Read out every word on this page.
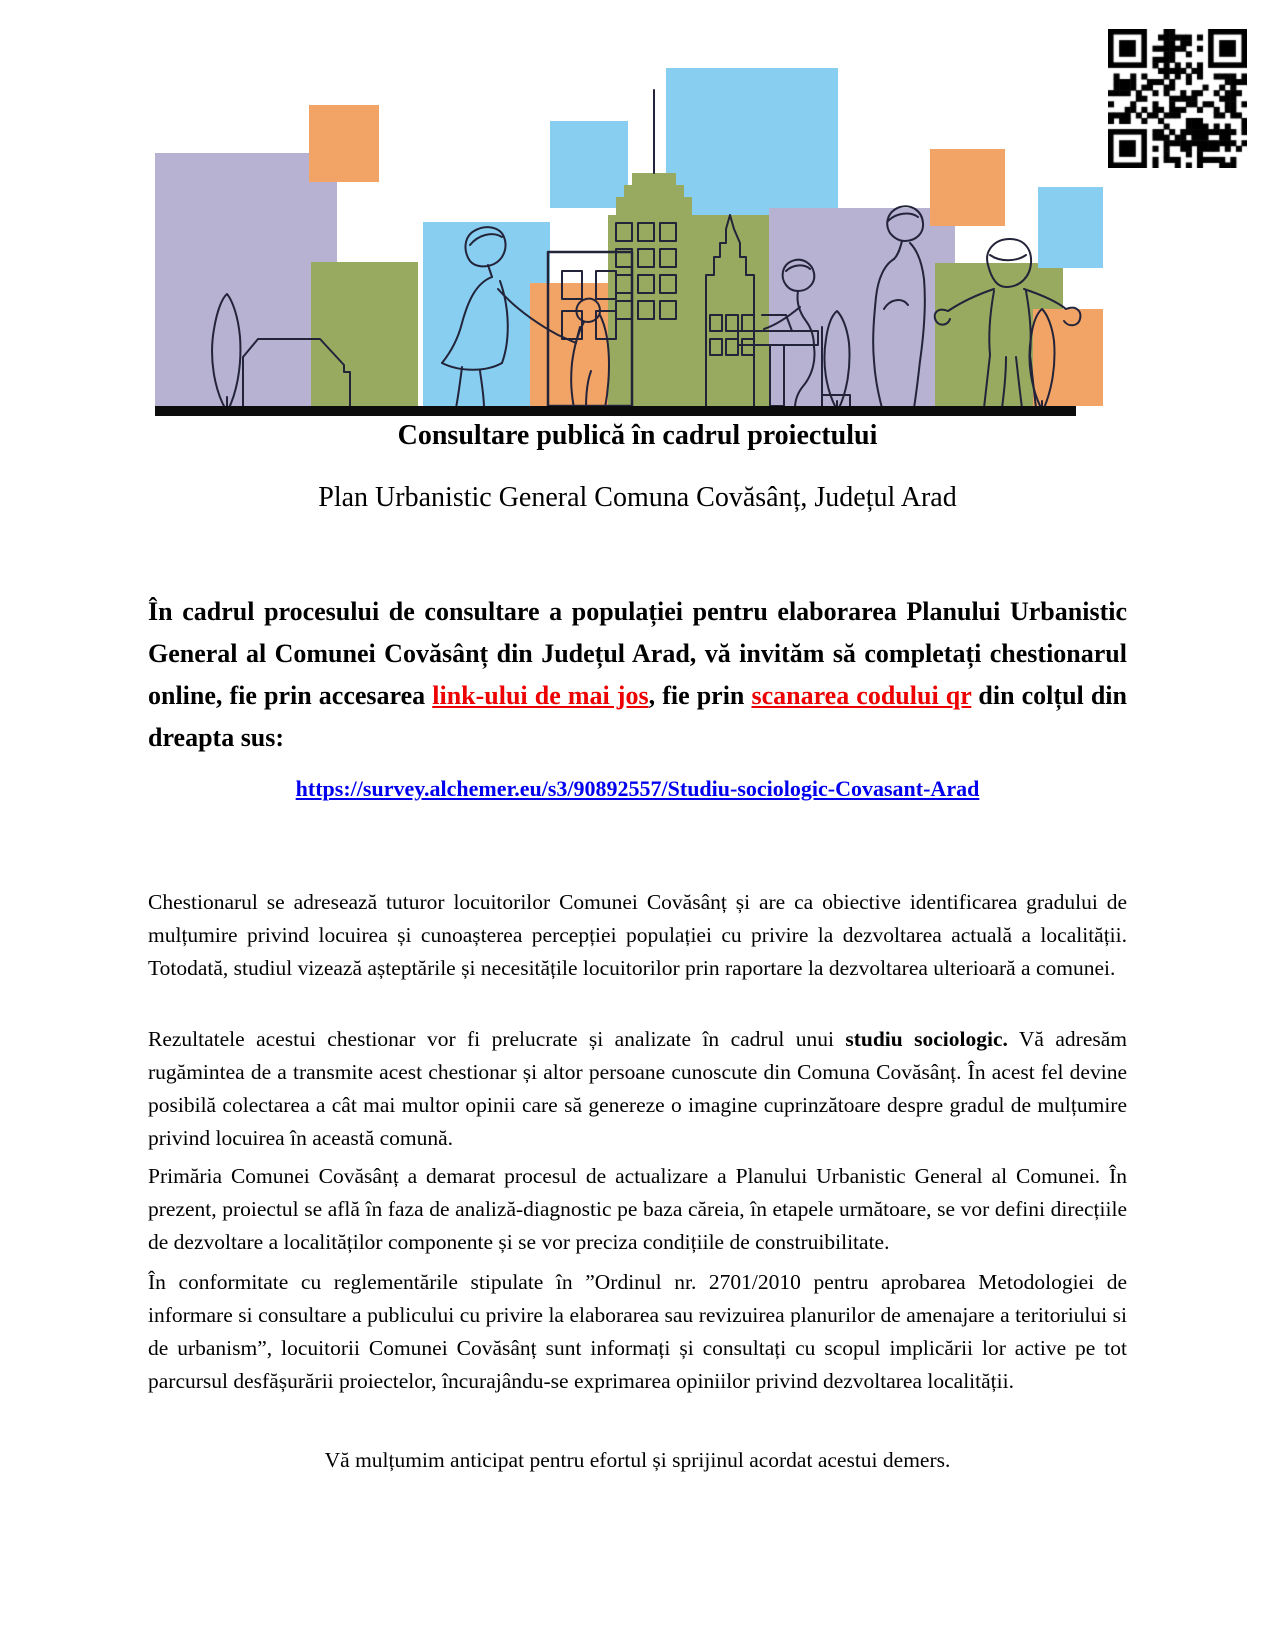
Consultare publică în cadrul proiectului
Plan Urbanistic General Comuna Covăsânț, Județul Arad
În cadrul procesului de consultare a populației pentru elaborarea Planului Urbanistic General al Comunei Covăsânț din Județul Arad, vă invităm să completați chestionarul online, fie prin accesarea link-ului de mai jos, fie prin scanarea codului qr din colțul din dreapta sus:
https://survey.alchemer.eu/s3/90892557/Studiu-sociologic-Covasant-Arad
Chestionarul se adresează tuturor locuitorilor Comunei Covăsânț și are ca obiective identificarea gradului de mulțumire privind locuirea și cunoașterea percepției populației cu privire la dezvoltarea actuală a localității. Totodată, studiul vizează așteptările și necesitățile locuitorilor prin raportare la dezvoltarea ulterioară a comunei.
Rezultatele acestui chestionar vor fi prelucrate și analizate în cadrul unui studiu sociologic. Vă adresăm rugămintea de a transmite acest chestionar și altor persoane cunoscute din Comuna Covăsânț. În acest fel devine posibilă colectarea a cât mai multor opinii care să genereze o imagine cuprinzătoare despre gradul de mulțumire privind locuirea în această comună.
Primăria Comunei Covăsânț a demarat procesul de actualizare a Planului Urbanistic General al Comunei. În prezent, proiectul se află în faza de analiză-diagnostic pe baza căreia, în etapele următoare, se vor defini direcțiile de dezvoltare a localităților componente și se vor preciza condițiile de construibilitate.
În conformitate cu reglementările stipulate în ”Ordinul nr. 2701/2010 pentru aprobarea Metodologiei de informare si consultare a publicului cu privire la elaborarea sau revizuirea planurilor de amenajare a teritoriului si de urbanism”, locuitorii Comunei Covăsânț sunt informați și consultați cu scopul implicării lor active pe tot parcursul desfășurării proiectelor, încurajându-se exprimarea opiniilor privind dezvoltarea localității.
Vă mulțumim anticipat pentru efortul și sprijinul acordat acestui demers.
